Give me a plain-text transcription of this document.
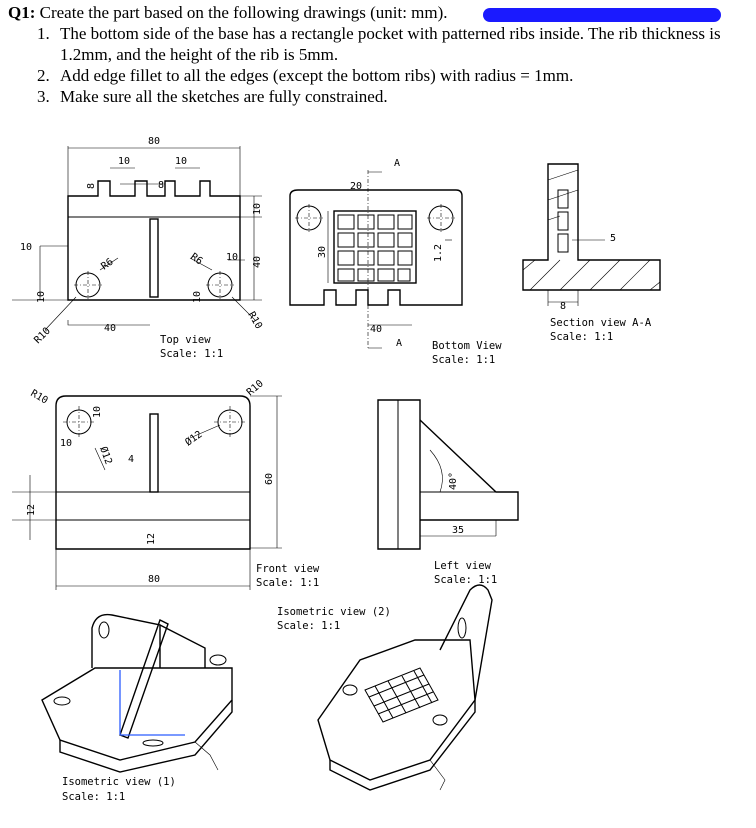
Q1: Create the part based on the following drawings (unit: mm).
1. The bottom side of the base has a rectangle pocket with patterned ribs inside. The rib thickness is 1.2mm, and the height of the rib is 5mm.
2. Add edge fillet to all the edges (except the bottom ribs) with radius = 1mm.
3. Make sure all the sketches are fully constrained.
80
10	10
8	8
10
10
R10
R6	R6
40
10
10
10
40
R10
Top view
Scale: 1:1
A
A
20
40
30	1.2
Bottom View
Scale: 1:1
5
8
Section view A-A
Scale: 1:1
R10	R10
10
10
Ø12
Ø12
4
12
12
80
60
Front view
Scale: 1:1
40°
35
Left view
Scale: 1:1
Isometric view (1)
Scale: 1:1
Isometric view (2)
Scale: 1:1
